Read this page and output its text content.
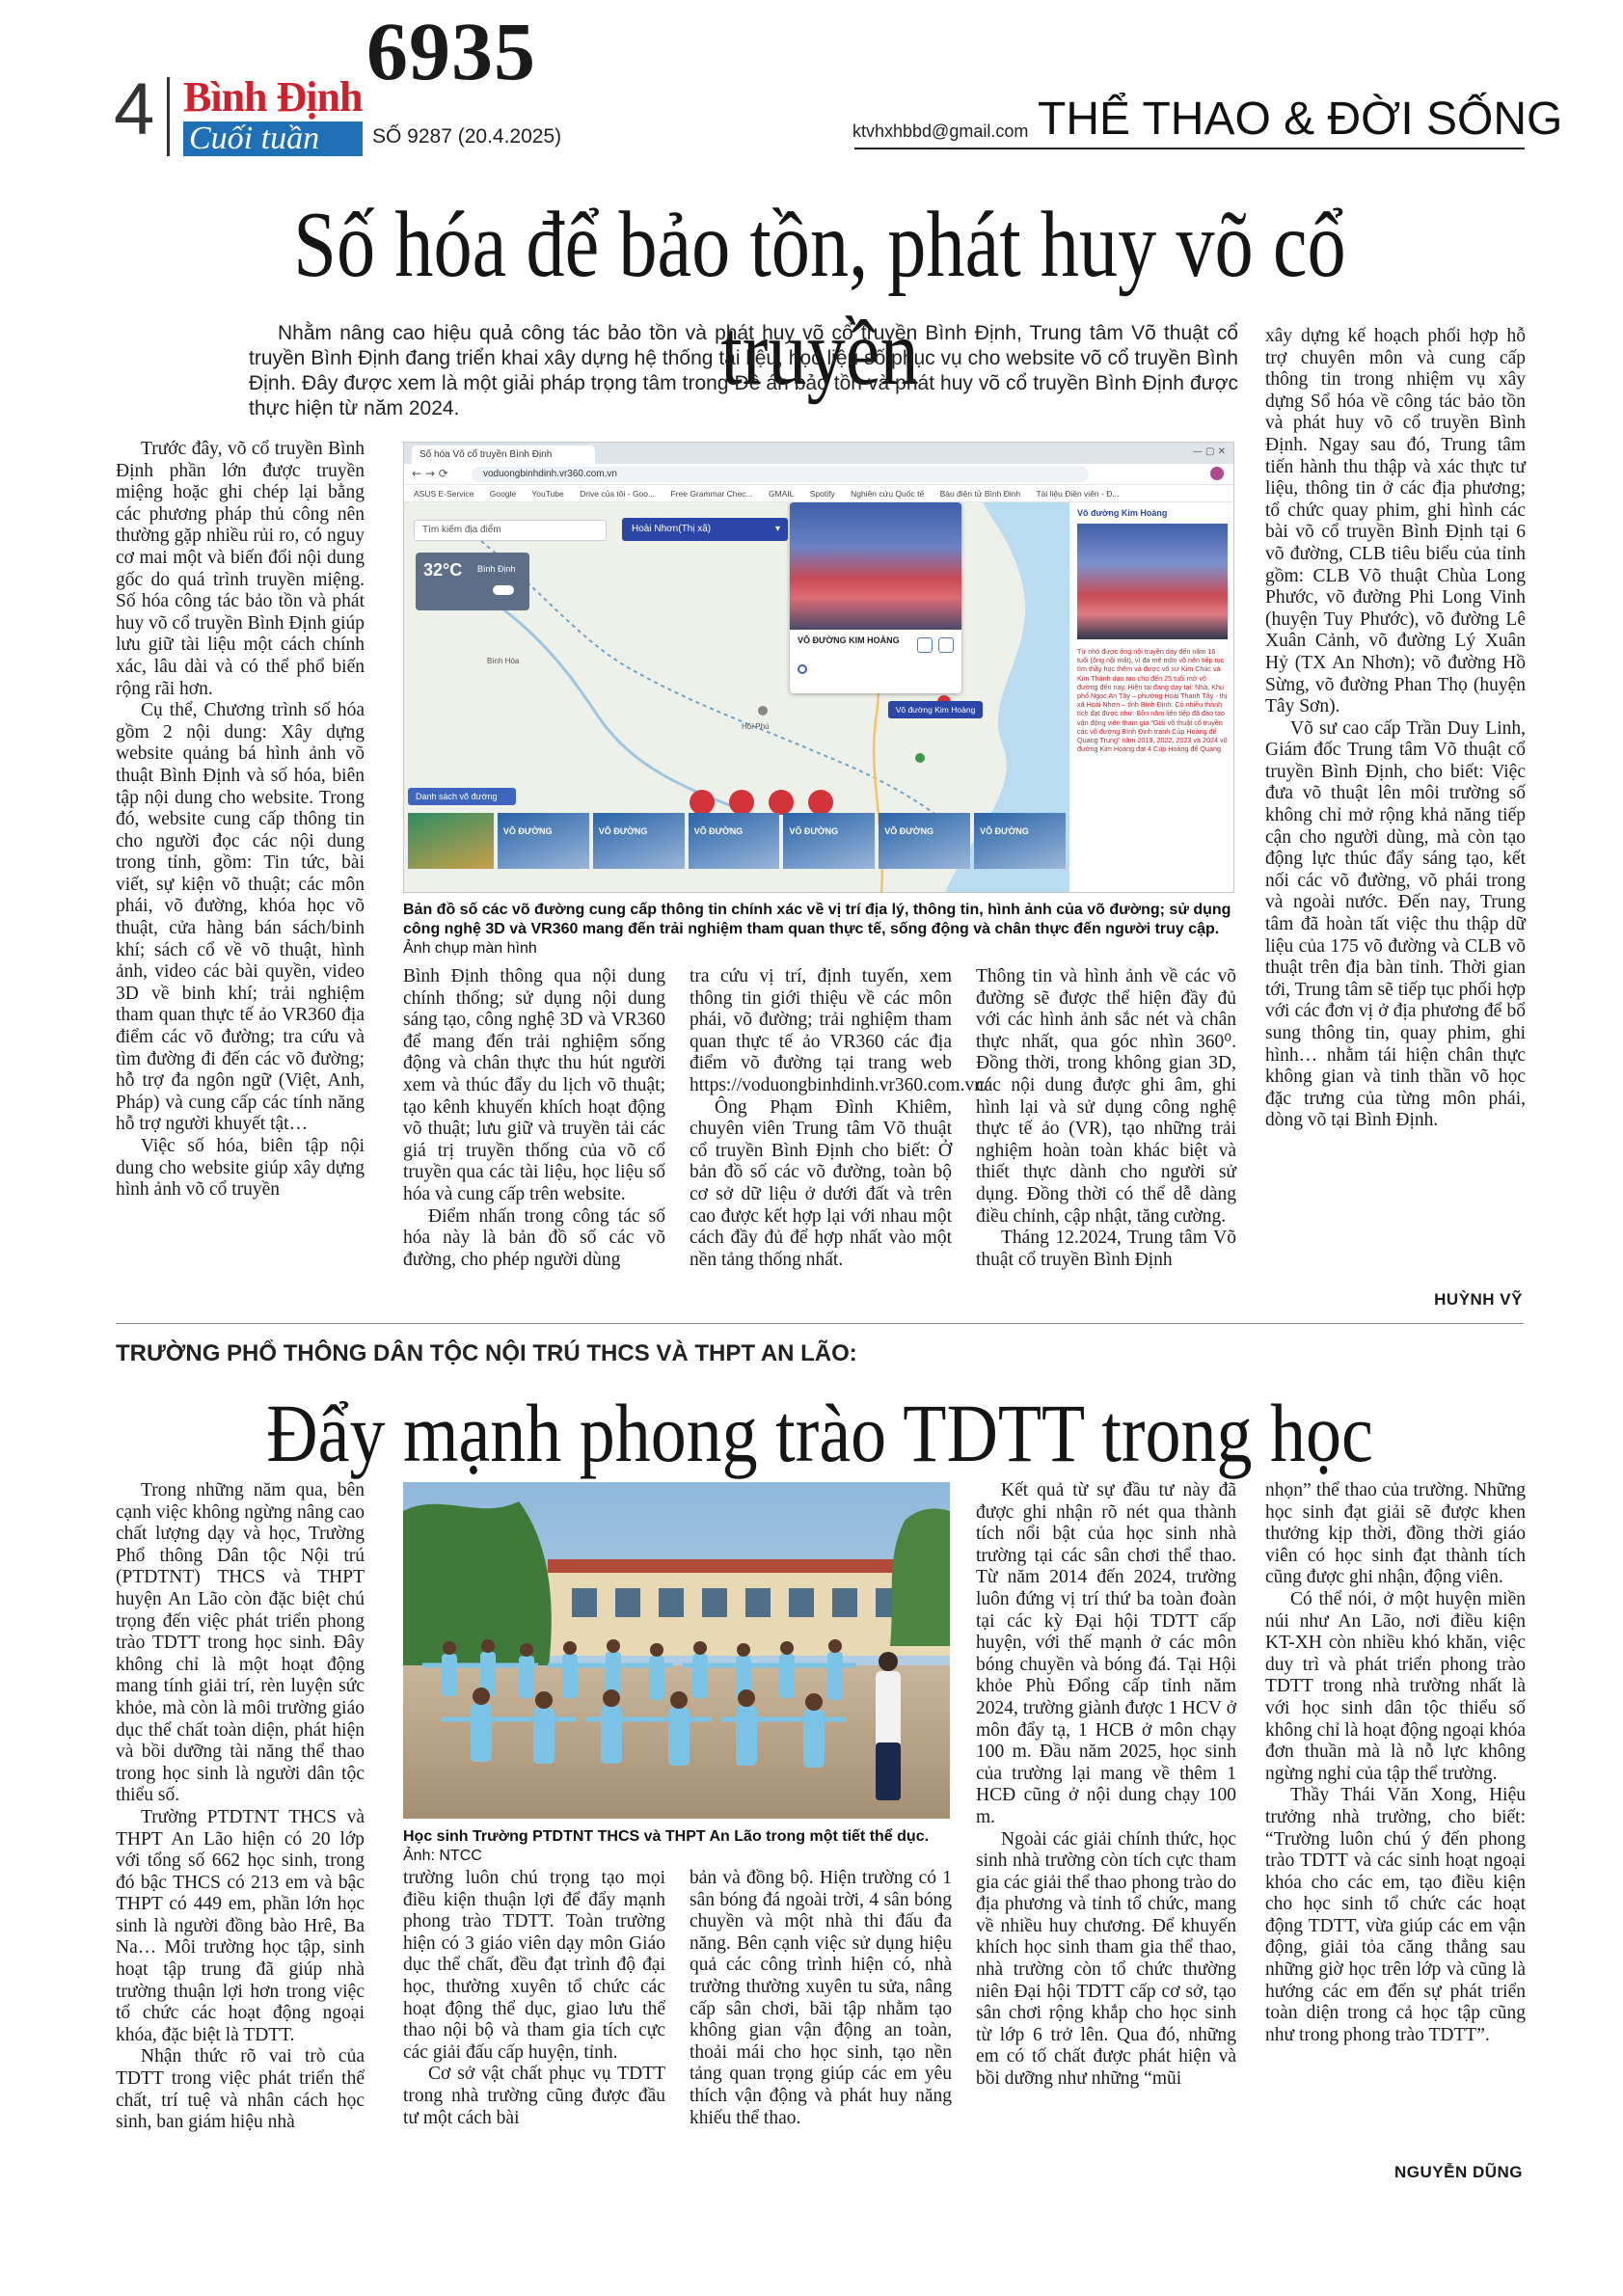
6935
4 Bình Định
Cuối tuần	SỐ 9287 (20.4.2025)	ktvhxhbbd@gmail.com THỂ THAO & ĐỜI SỐNG
Số hóa để bảo tồn, phát huy võ cổ truyền
Nhằm nâng cao hiệu quả công tác bảo tồn và phát huy võ cổ truyền Bình Định, Trung tâm Võ thuật cổ truyền Bình Định đang triển khai xây dựng hệ thống tài liệu, học liệu số phục vụ cho website võ cổ truyền Bình Định. Đây được xem là một giải pháp trọng tâm trong Đề án bảo tồn và phát huy võ cổ truyền Bình Định được thực hiện từ năm 2024.

Trước đây, võ cổ truyền Bình Định phần lớn được truyền miệng hoặc ghi chép lại bằng các phương pháp thủ công nên thường gặp nhiều rủi ro, có nguy cơ mai một và biến đổi nội dung gốc do quá trình truyền miệng. Số hóa công tác bảo tồn và phát huy võ cổ truyền Bình Định giúp lưu giữ tài liệu một cách chính xác, lâu dài và có thể phổ biến rộng rãi hơn.

Cụ thể, Chương trình số hóa gồm 2 nội dung: Xây dựng website quảng bá hình ảnh võ thuật Bình Định và số hóa, biên tập nội dung cho website. Trong đó, website cung cấp thông tin cho người đọc các nội dung trong tỉnh, gồm: Tin tức, bài viết, sự kiện võ thuật; các môn phái, võ đường, khóa học võ thuật, cửa hàng bán sách/binh khí; sách cổ về võ thuật, hình ảnh, video các bài quyền, video 3D về binh khí; trải nghiệm tham quan thực tế ảo VR360 địa điểm các võ đường; tra cứu và tìm đường đi đến các võ đường; hỗ trợ đa ngôn ngữ (Việt, Anh, Pháp) và cung cấp các tính năng hỗ trợ người khuyết tật…

Việc số hóa, biên tập nội dung cho website giúp xây dựng hình ảnh võ cổ truyền

Số hóa Võ cổ truyền Bình Định	— ▢ ✕
← → ⟳	voduongbinhdinh.vr360.com.vn
ASUS E-Service Google YouTube Drive của tôi - Goo... Free Grammar Chec... GMAIL Spotify Nghiên cứu Quốc tế Báo điện tử Bình Đinh Tài liệu Điền viên - Đ...
Bình Hòa
Hội Phú
Tìm kiếm địa điểm	Hoài Nhơn(Thị xã)	▾
32°C Bình Định
VÕ ĐƯỜNG KIM HOÀNG
Võ đường Kim Hoàng
Võ đường Kim Hoàng
Từ nhỏ được ông nội truyền dạy đến năm 16 tuổi (ông nội mất), vì đa mê môn võ nên tiếp tục tìm thầy học thêm và được võ sư Kim Chúc và Kim Thành dạo tạo cho đến 25 tuổi mở võ đường đến nay. Hiện tại đang dạy tại: Nhà, Khu phố Ngọc An Tây – phường Hoài Thanh Tây - thị xã Hoài Nhơn – tỉnh Bình Định. Có nhiều thành tích đạt được như: Bồn năm liên tiếp đã đào tạo vận động viên tham gia "Giải võ thuật cổ truyền các võ đường Bình Định tranh Cúp Hoàng đế Quang Trung" năm 2019, 2022, 2023 và 2024 võ đường Kim Hoàng đạt 4 Cúp Hoàng đế Quang
Danh sách võ đường

VÕ ĐƯỜNG	VÕ ĐƯỜNG	VÕ ĐƯỜNG	VÕ ĐƯỜNG	VÕ ĐƯỜNG	VÕ ĐƯỜNG
Bản đồ số các võ đường cung cấp thông tin chính xác về vị trí địa lý, thông tin, hình ảnh của võ đường; sử dụng công nghệ 3D và VR360 mang đến trải nghiệm tham quan thực tế, sống động và chân thực đến người truy cập. Ảnh chụp màn hình

Bình Định thông qua nội dung chính thống; sử dụng nội dung sáng tạo, công nghệ 3D và VR360 để mang đến trải nghiệm sống động và chân thực thu hút người xem và thúc đẩy du lịch võ thuật; tạo kênh khuyến khích hoạt động võ thuật; lưu giữ và truyền tải các giá trị truyền thống của võ cổ truyền qua các tài liệu, học liệu số hóa và cung cấp trên website.

Điểm nhấn trong công tác số hóa này là bản đồ số các võ đường, cho phép người dùng

tra cứu vị trí, định tuyến, xem thông tin giới thiệu về các môn phái, võ đường; trải nghiệm tham quan thực tế ảo VR360 các địa điểm võ đường tại trang web https://voduongbinhdinh.vr360.com.vn/

Ông Phạm Đình Khiêm, chuyên viên Trung tâm Võ thuật cổ truyền Bình Định cho biết: Ở bản đồ số các võ đường, toàn bộ cơ sở dữ liệu ở dưới đất và trên cao được kết hợp lại với nhau một cách đầy đủ để hợp nhất vào một nền tảng thống nhất.

Thông tin và hình ảnh về các võ đường sẽ được thể hiện đầy đủ với các hình ảnh sắc nét và chân thực nhất, qua góc nhìn 360⁰. Đồng thời, trong không gian 3D, các nội dung được ghi âm, ghi hình lại và sử dụng công nghệ thực tế ảo (VR), tạo những trải nghiệm hoàn toàn khác biệt và thiết thực dành cho người sử dụng. Đồng thời có thể dễ dàng điều chỉnh, cập nhật, tăng cường.

Tháng 12.2024, Trung tâm Võ thuật cổ truyền Bình Định

xây dựng kế hoạch phối hợp hỗ trợ chuyên môn và cung cấp thông tin trong nhiệm vụ xây dựng Sổ hóa về công tác bảo tồn và phát huy võ cổ truyền Bình Định. Ngay sau đó, Trung tâm tiến hành thu thập và xác thực tư liệu, thông tin ở các địa phương; tổ chức quay phim, ghi hình các bài võ cổ truyền Bình Định tại 6 võ đường, CLB tiêu biểu của tỉnh gồm: CLB Võ thuật Chùa Long Phước, võ đường Phi Long Vinh (huyện Tuy Phước), võ đường Lê Xuân Cảnh, võ đường Lý Xuân Hỷ (TX An Nhơn); võ đường Hồ Sừng, võ đường Phan Thọ (huyện Tây Sơn).

Võ sư cao cấp Trần Duy Linh, Giám đốc Trung tâm Võ thuật cổ truyền Bình Định, cho biết: Việc đưa võ thuật lên môi trường số không chỉ mở rộng khả năng tiếp cận cho người dùng, mà còn tạo động lực thúc đẩy sáng tạo, kết nối các võ đường, võ phái trong và ngoài nước. Đến nay, Trung tâm đã hoàn tất việc thu thập dữ liệu của 175 võ đường và CLB võ thuật trên địa bàn tỉnh. Thời gian tới, Trung tâm sẽ tiếp tục phối hợp với các đơn vị ở địa phương để bổ sung thông tin, quay phim, ghi hình… nhằm tái hiện chân thực không gian và tinh thần võ học đặc trưng của từng môn phái, dòng võ tại Bình Định.

HUỲNH VỸ
TRƯỜNG PHỔ THÔNG DÂN TỘC NỘI TRÚ THCS VÀ THPT AN LÃO:
Đẩy mạnh phong trào TDTT trong học

Trong những năm qua, bên cạnh việc không ngừng nâng cao chất lượng dạy và học, Trường Phổ thông Dân tộc Nội trú (PTDTNT) THCS và THPT huyện An Lão còn đặc biệt chú trọng đến việc phát triển phong trào TDTT trong học sinh. Đây không chỉ là một hoạt động mang tính giải trí, rèn luyện sức khỏe, mà còn là môi trường giáo dục thể chất toàn diện, phát hiện và bồi dưỡng tài năng thể thao trong học sinh là người dân tộc thiểu số.

Trường PTDTNT THCS và THPT An Lão hiện có 20 lớp với tổng số 662 học sinh, trong đó bậc THCS có 213 em và bậc THPT có 449 em, phần lớn học sinh là người đồng bào Hrê, Ba Na… Môi trường học tập, sinh hoạt tập trung đã giúp nhà trường thuận lợi hơn trong việc tổ chức các hoạt động ngoại khóa, đặc biệt là TDTT.

Nhận thức rõ vai trò của TDTT trong việc phát triển thể chất, trí tuệ và nhân cách học sinh, ban giám hiệu nhà

Học sinh Trường PTDTNT THCS và THPT An Lão trong một tiết thể dục. Ảnh: NTCC

trường luôn chú trọng tạo mọi điều kiện thuận lợi để đẩy mạnh phong trào TDTT. Toàn trường hiện có 3 giáo viên dạy môn Giáo dục thể chất, đều đạt trình độ đại học, thường xuyên tổ chức các hoạt động thể dục, giao lưu thể thao nội bộ và tham gia tích cực các giải đấu cấp huyện, tỉnh.

Cơ sở vật chất phục vụ TDTT trong nhà trường cũng được đầu tư một cách bài

bản và đồng bộ. Hiện trường có 1 sân bóng đá ngoài trời, 4 sân bóng chuyền và một nhà thi đấu đa năng. Bên cạnh việc sử dụng hiệu quả các công trình hiện có, nhà trường thường xuyên tu sửa, nâng cấp sân chơi, bãi tập nhằm tạo không gian vận động an toàn, thoải mái cho học sinh, tạo nền tảng quan trọng giúp các em yêu thích vận động và phát huy năng khiếu thể thao.

Kết quả từ sự đầu tư này đã được ghi nhận rõ nét qua thành tích nổi bật của học sinh nhà trường tại các sân chơi thể thao. Từ năm 2014 đến 2024, trường luôn đứng vị trí thứ ba toàn đoàn tại các kỳ Đại hội TDTT cấp huyện, với thế mạnh ở các môn bóng chuyền và bóng đá. Tại Hội khỏe Phù Đổng cấp tỉnh năm 2024, trường giành được 1 HCV ở môn đẩy tạ, 1 HCB ở môn chạy 100 m. Đầu năm 2025, học sinh của trường lại mang về thêm 1 HCĐ cũng ở nội dung chạy 100 m.

Ngoài các giải chính thức, học sinh nhà trường còn tích cực tham gia các giải thể thao phong trào do địa phương và tỉnh tổ chức, mang về nhiều huy chương. Để khuyến khích học sinh tham gia thể thao, nhà trường còn tổ chức thường niên Đại hội TDTT cấp cơ sở, tạo sân chơi rộng khắp cho học sinh từ lớp 6 trở lên. Qua đó, những em có tố chất được phát hiện và bồi dưỡng như những “mũi

nhọn” thể thao của trường. Những học sinh đạt giải sẽ được khen thưởng kịp thời, đồng thời giáo viên có học sinh đạt thành tích cũng được ghi nhận, động viên.

Có thể nói, ở một huyện miền núi như An Lão, nơi điều kiện KT-XH còn nhiều khó khăn, việc duy trì và phát triển phong trào TDTT trong nhà trường nhất là với học sinh dân tộc thiểu số không chỉ là hoạt động ngoại khóa đơn thuần mà là nỗ lực không ngừng nghỉ của tập thể trường.

Thầy Thái Văn Xong, Hiệu trưởng nhà trường, cho biết: “Trường luôn chú ý đến phong trào TDTT và các sinh hoạt ngoại khóa cho các em, tạo điều kiện cho học sinh tổ chức các hoạt động TDTT, vừa giúp các em vận động, giải tỏa căng thẳng sau những giờ học trên lớp và cũng là hướng các em đến sự phát triển toàn diện trong cả học tập cũng như trong phong trào TDTT”.

NGUYỄN DŨNG
